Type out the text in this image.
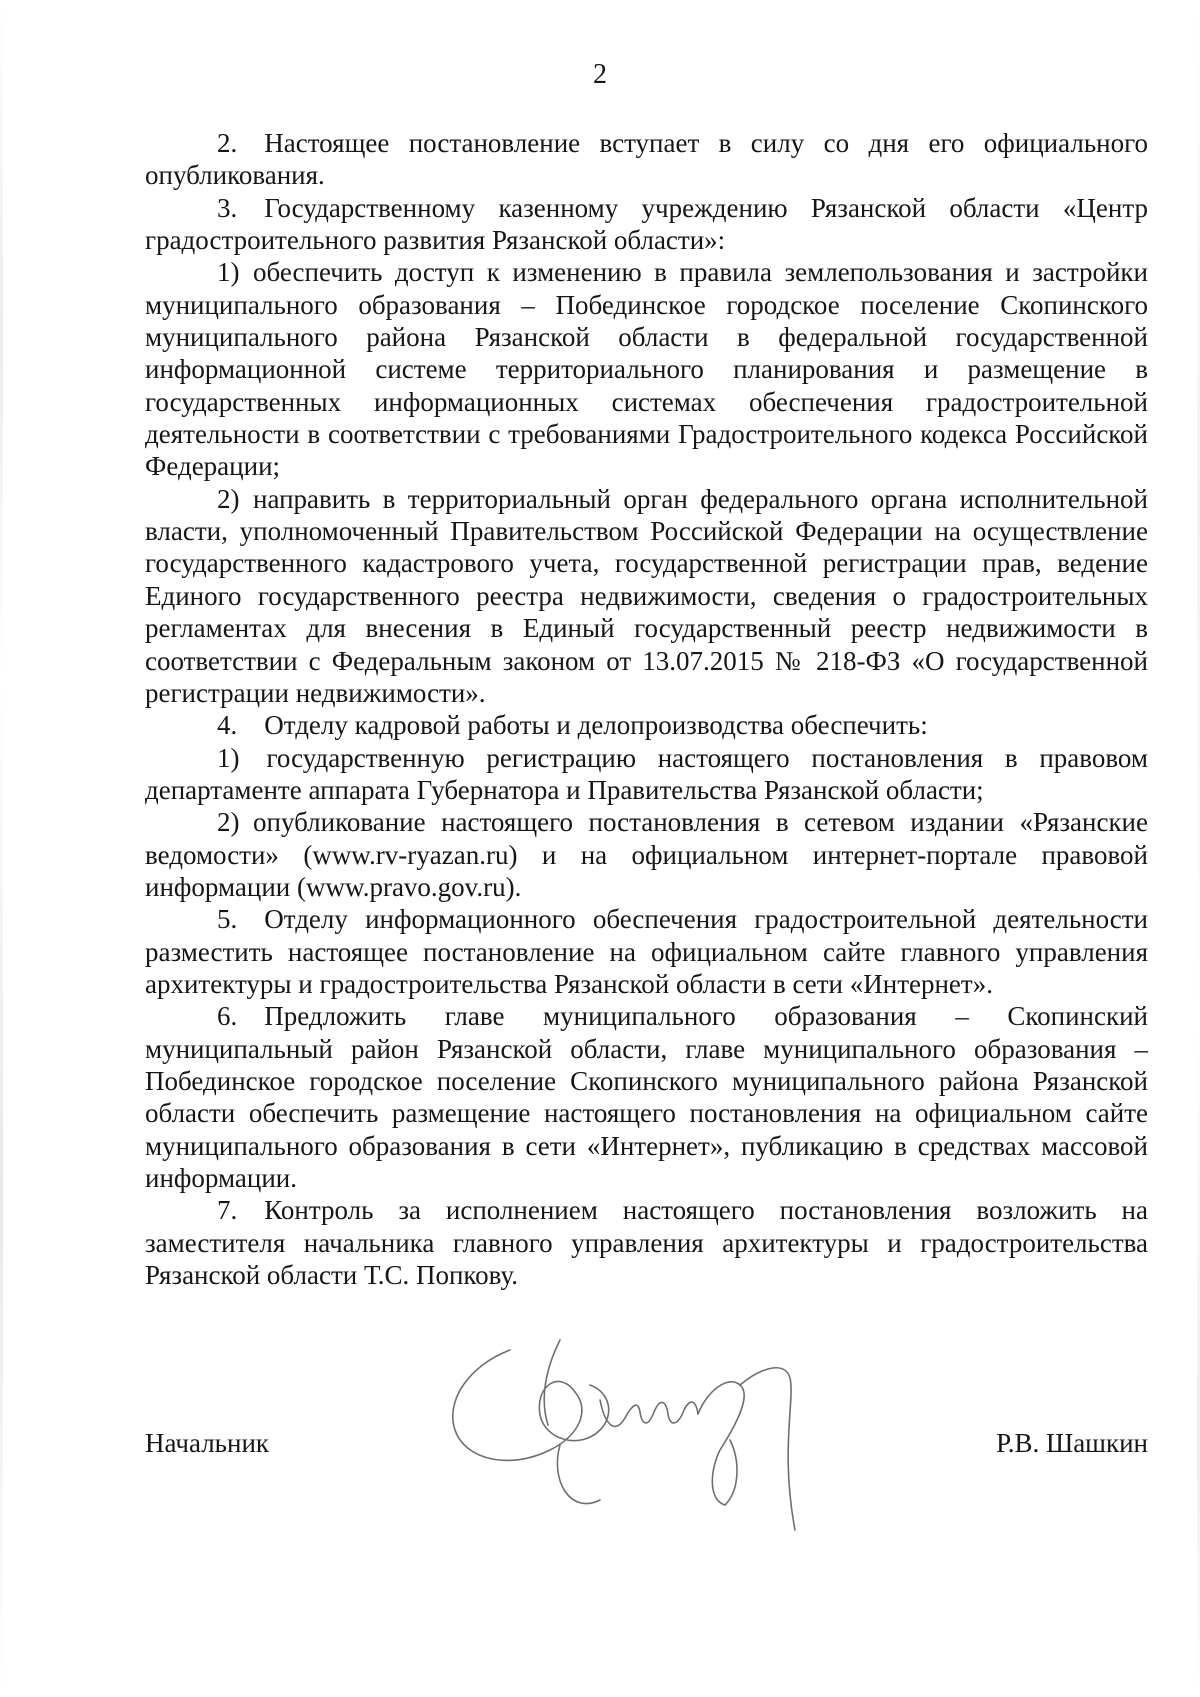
2

2. Настоящее постановление вступает в силу со дня его официального опубликования.

3. Государственному казенному учреждению Рязанской области «Центр градостроительного развития Рязанской области»:

1) обеспечить доступ к изменению в правила землепользования и застройки муниципального образования – Побединское городское поселение Скопинского муниципального района Рязанской области в федеральной государственной информационной системе территориального планирования и размещение в государственных информационных системах обеспечения градостроительной деятельности в соответствии с требованиями Градостроительного кодекса Российской Федерации;

2) направить в территориальный орган федерального органа исполнительной власти, уполномоченный Правительством Российской Федерации на осуществление государственного кадастрового учета, государственной регистрации прав, ведение Единого государственного реестра недвижимости, сведения о градостроительных регламентах для внесения в Единый государственный реестр недвижимости в соответствии с Федеральным законом от 13.07.2015 № 218-ФЗ «О государственной регистрации недвижимости».

4. Отделу кадровой работы и делопроизводства обеспечить:

1) государственную регистрацию настоящего постановления в правовом департаменте аппарата Губернатора и Правительства Рязанской области;

2) опубликование настоящего постановления в сетевом издании «Рязанские ведомости» (www.rv-ryazan.ru) и на официальном интернет-портале правовой информации (www.pravo.gov.ru).

5. Отделу информационного обеспечения градостроительной деятельности разместить настоящее постановление на официальном сайте главного управления архитектуры и градостроительства Рязанской области в сети «Интернет».

6. Предложить главе муниципального образования – Скопинский муниципальный район Рязанской области, главе муниципального образования – Побединское городское поселение Скопинского муниципального района Рязанской области обеспечить размещение настоящего постановления на официальном сайте муниципального образования в сети «Интернет», публикацию в средствах массовой информации.

7. Контроль за исполнением настоящего постановления возложить на заместителя начальника главного управления архитектуры и градостроительства Рязанской области Т.С. Попкову.

Начальник	Р.В. Шашкин
